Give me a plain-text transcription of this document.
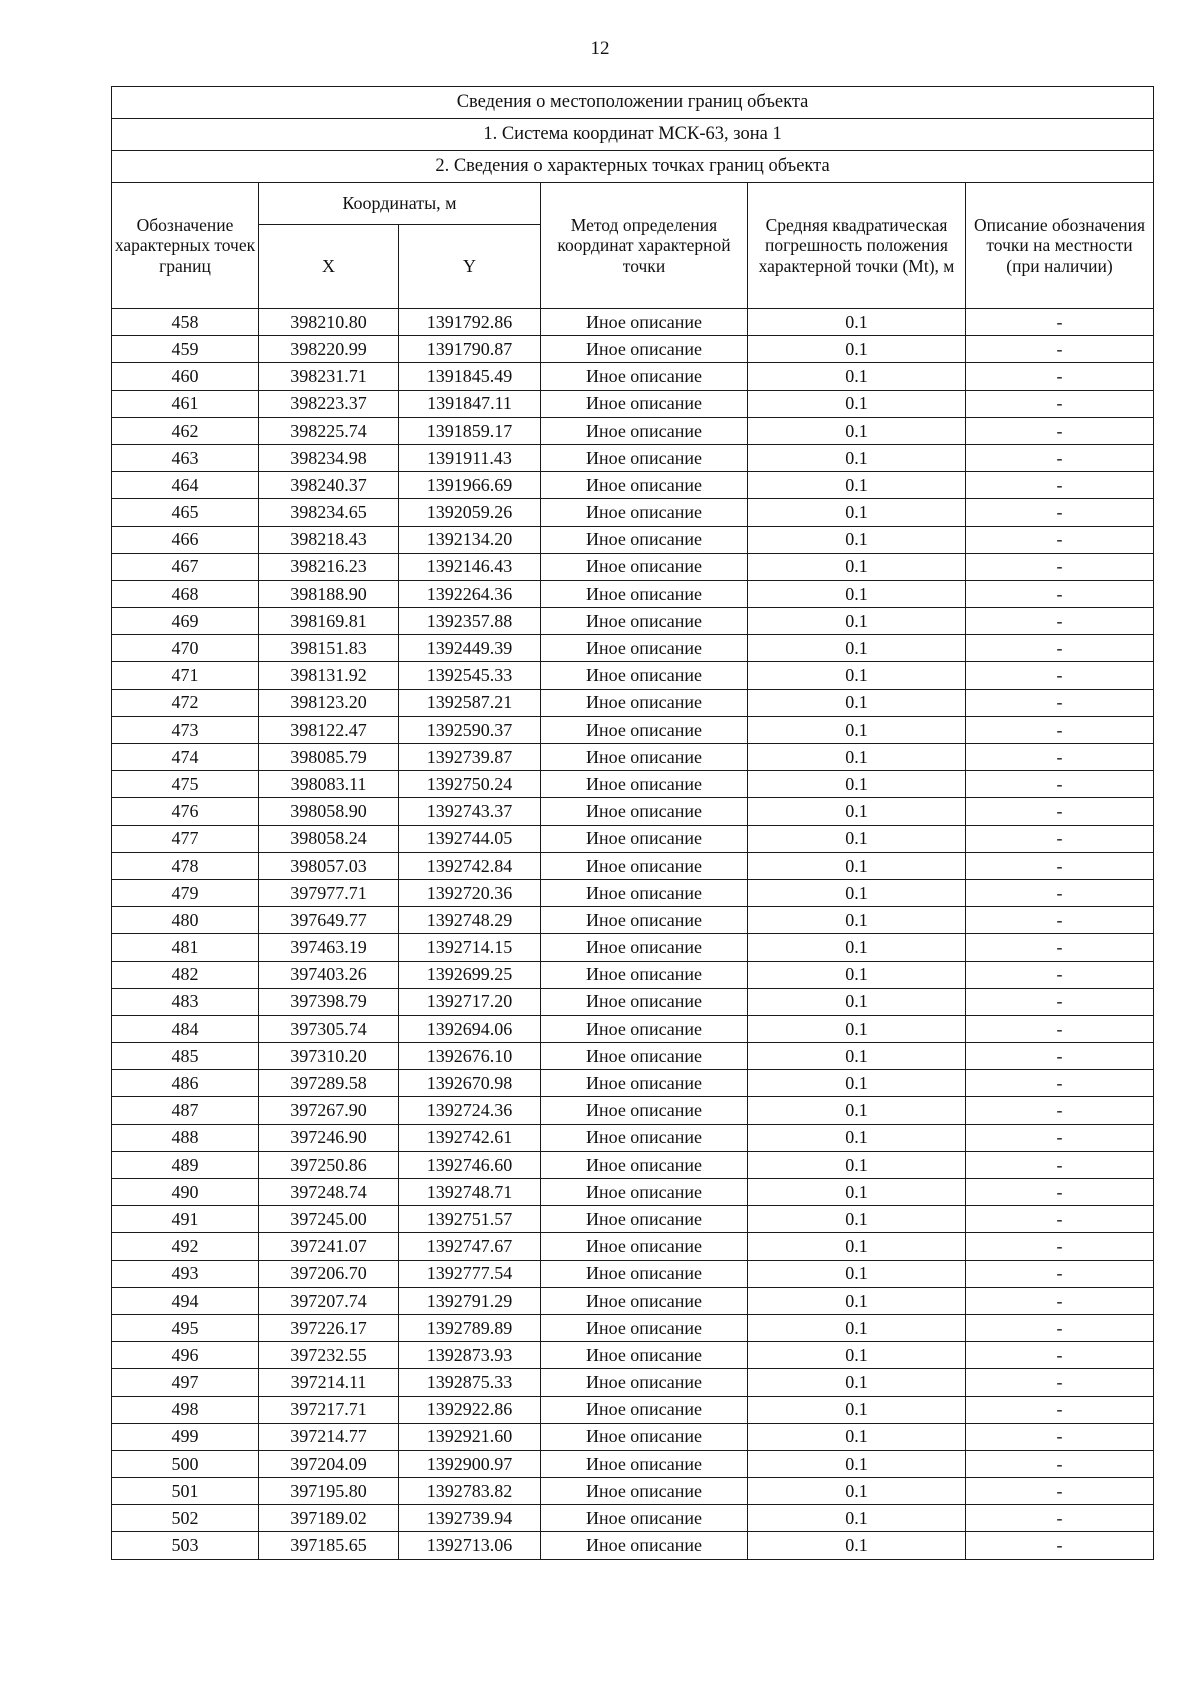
12
Сведения о местоположении границ объекта					
1. Система координат МСК-63, зона 1					
2. Сведения о характерных точках границ объекта					
Обозначение характерных точек границ	Координаты, м		Метод определения координат характерной точки	Средняя квадратическая погрешность положения характерной точки (Mt), м	Описание обозначения точки на местности (при наличии)
	X	Y			
458	398210.80	1391792.86	Иное описание	0.1	-
459	398220.99	1391790.87	Иное описание	0.1	-
460	398231.71	1391845.49	Иное описание	0.1	-
461	398223.37	1391847.11	Иное описание	0.1	-
462	398225.74	1391859.17	Иное описание	0.1	-
463	398234.98	1391911.43	Иное описание	0.1	-
464	398240.37	1391966.69	Иное описание	0.1	-
465	398234.65	1392059.26	Иное описание	0.1	-
466	398218.43	1392134.20	Иное описание	0.1	-
467	398216.23	1392146.43	Иное описание	0.1	-
468	398188.90	1392264.36	Иное описание	0.1	-
469	398169.81	1392357.88	Иное описание	0.1	-
470	398151.83	1392449.39	Иное описание	0.1	-
471	398131.92	1392545.33	Иное описание	0.1	-
472	398123.20	1392587.21	Иное описание	0.1	-
473	398122.47	1392590.37	Иное описание	0.1	-
474	398085.79	1392739.87	Иное описание	0.1	-
475	398083.11	1392750.24	Иное описание	0.1	-
476	398058.90	1392743.37	Иное описание	0.1	-
477	398058.24	1392744.05	Иное описание	0.1	-
478	398057.03	1392742.84	Иное описание	0.1	-
479	397977.71	1392720.36	Иное описание	0.1	-
480	397649.77	1392748.29	Иное описание	0.1	-
481	397463.19	1392714.15	Иное описание	0.1	-
482	397403.26	1392699.25	Иное описание	0.1	-
483	397398.79	1392717.20	Иное описание	0.1	-
484	397305.74	1392694.06	Иное описание	0.1	-
485	397310.20	1392676.10	Иное описание	0.1	-
486	397289.58	1392670.98	Иное описание	0.1	-
487	397267.90	1392724.36	Иное описание	0.1	-
488	397246.90	1392742.61	Иное описание	0.1	-
489	397250.86	1392746.60	Иное описание	0.1	-
490	397248.74	1392748.71	Иное описание	0.1	-
491	397245.00	1392751.57	Иное описание	0.1	-
492	397241.07	1392747.67	Иное описание	0.1	-
493	397206.70	1392777.54	Иное описание	0.1	-
494	397207.74	1392791.29	Иное описание	0.1	-
495	397226.17	1392789.89	Иное описание	0.1	-
496	397232.55	1392873.93	Иное описание	0.1	-
497	397214.11	1392875.33	Иное описание	0.1	-
498	397217.71	1392922.86	Иное описание	0.1	-
499	397214.77	1392921.60	Иное описание	0.1	-
500	397204.09	1392900.97	Иное описание	0.1	-
501	397195.80	1392783.82	Иное описание	0.1	-
502	397189.02	1392739.94	Иное описание	0.1	-
503	397185.65	1392713.06	Иное описание	0.1	-
